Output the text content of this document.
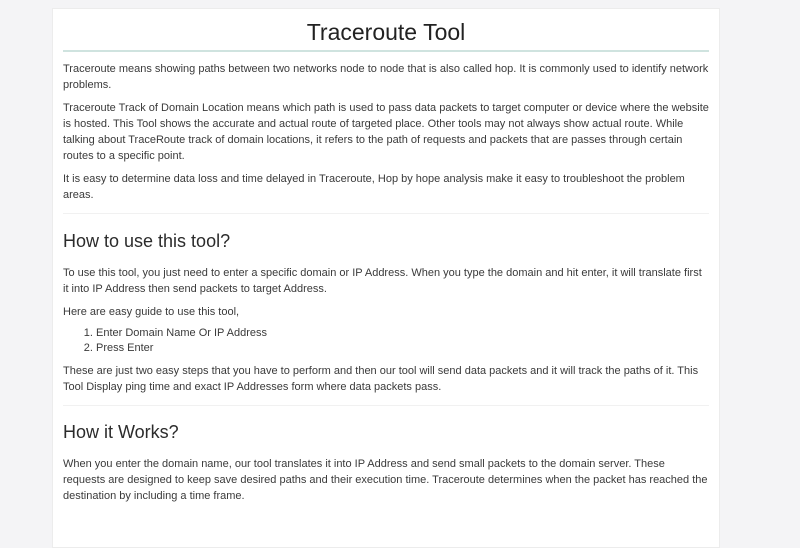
Traceroute Tool

Traceroute means showing paths between two networks node to node that is also called hop. It is commonly used to identify network problems.

Traceroute Track of Domain Location means which path is used to pass data packets to target computer or device where the website is hosted. This Tool shows the accurate and actual route of targeted place. Other tools may not always show actual route. While talking about TraceRoute track of domain locations, it refers to the path of requests and packets that are passes through certain routes to a specific point.

It is easy to determine data loss and time delayed in Traceroute, Hop by hope analysis make it easy to troubleshoot the problem areas.

How to use this tool?

To use this tool, you just need to enter a specific domain or IP Address. When you type the domain and hit enter, it will translate first it into IP Address then send packets to target Address.

Here are easy guide to use this tool,

1. Enter Domain Name Or IP Address
2. Press Enter

These are just two easy steps that you have to perform and then our tool will send data packets and it will track the paths of it. This Tool Display ping time and exact IP Addresses form where data packets pass.

How it Works?

When you enter the domain name, our tool translates it into IP Address and send small packets to the domain server. These requests are designed to keep save desired paths and their execution time. Traceroute determines when the packet has reached the destination by including a time frame.
